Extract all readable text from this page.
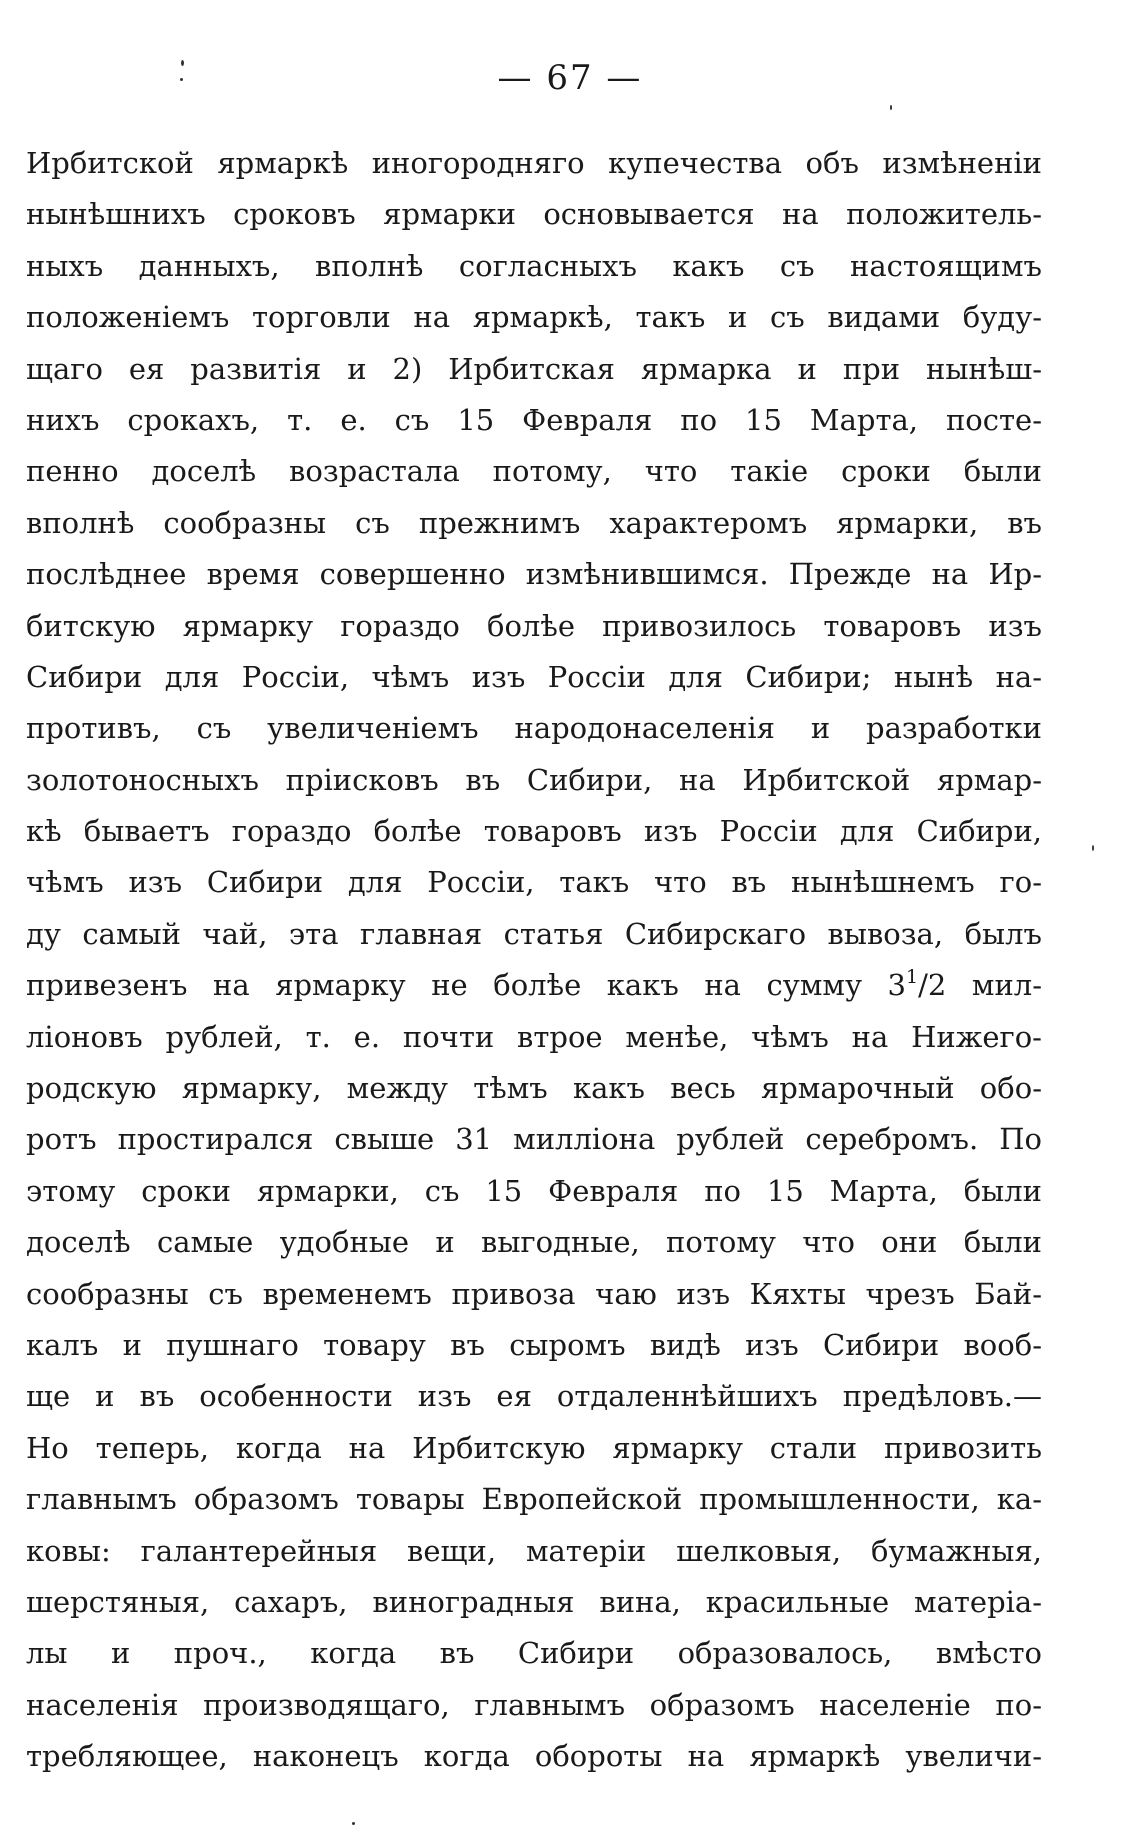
— 67 —
Ирбитской ярмаркѣ иногородняго купечества объ измѣненіи
нынѣшнихъ сроковъ ярмарки основывается на положитель-
ныхъ данныхъ, вполнѣ согласныхъ какъ съ настоящимъ
положеніемъ торговли на ярмаркѣ, такъ и съ видами буду-
щаго ея развитія и 2) Ирбитская ярмарка и при нынѣш-
нихъ срокахъ, т. е. съ 15 Февраля по 15 Марта, посте-
пенно доселѣ возрастала потому, что такіе сроки были
вполнѣ сообразны съ прежнимъ характеромъ ярмарки, въ
послѣднее время совершенно измѣнившимся. Прежде на Ир-
битскую ярмарку гораздо болѣе привозилось товаровъ изъ
Сибири для Россіи, чѣмъ изъ Россіи для Сибири; нынѣ на-
противъ, съ увеличеніемъ народонаселенія и разработки
золотоносныхъ пріисковъ въ Сибири, на Ирбитской ярмар-
кѣ бываетъ гораздо болѣе товаровъ изъ Россіи для Сибири,
чѣмъ изъ Сибири для Россіи, такъ что въ нынѣшнемъ го-
ду самый чай, эта главная статья Сибирскаго вывоза, былъ
привезенъ на ярмарку не болѣе какъ на сумму $3^1/2$ мил-
ліоновъ рублей, т. е. почти втрое менѣе, чѣмъ на Нижего-
родскую ярмарку, между тѣмъ какъ весь ярмарочный обо-
ротъ простирался свыше 31 милліона рублей серебромъ. По
этому сроки ярмарки, съ 15 Февраля по 15 Марта, были
доселѣ самые удобные и выгодные, потому что они были
сообразны съ временемъ привоза чаю изъ Кяхты чрезъ Бай-
калъ и пушнаго товару въ сыромъ видѣ изъ Сибири вооб-
ще и въ особенности изъ ея отдаленнѣйшихъ предѣловъ.—
Но теперь, когда на Ирбитскую ярмарку стали привозить
главнымъ образомъ товары Европейской промышленности, ка-
ковы: галантерейныя вещи, матеріи шелковыя, бумажныя,
шерстяныя, сахаръ, виноградныя вина, красильные матеріа-
лы и проч., когда въ Сибири образовалось, вмѣсто
населенія производящаго, главнымъ образомъ населеніе по-
требляющее, наконецъ когда обороты на ярмаркѣ увеличи-
